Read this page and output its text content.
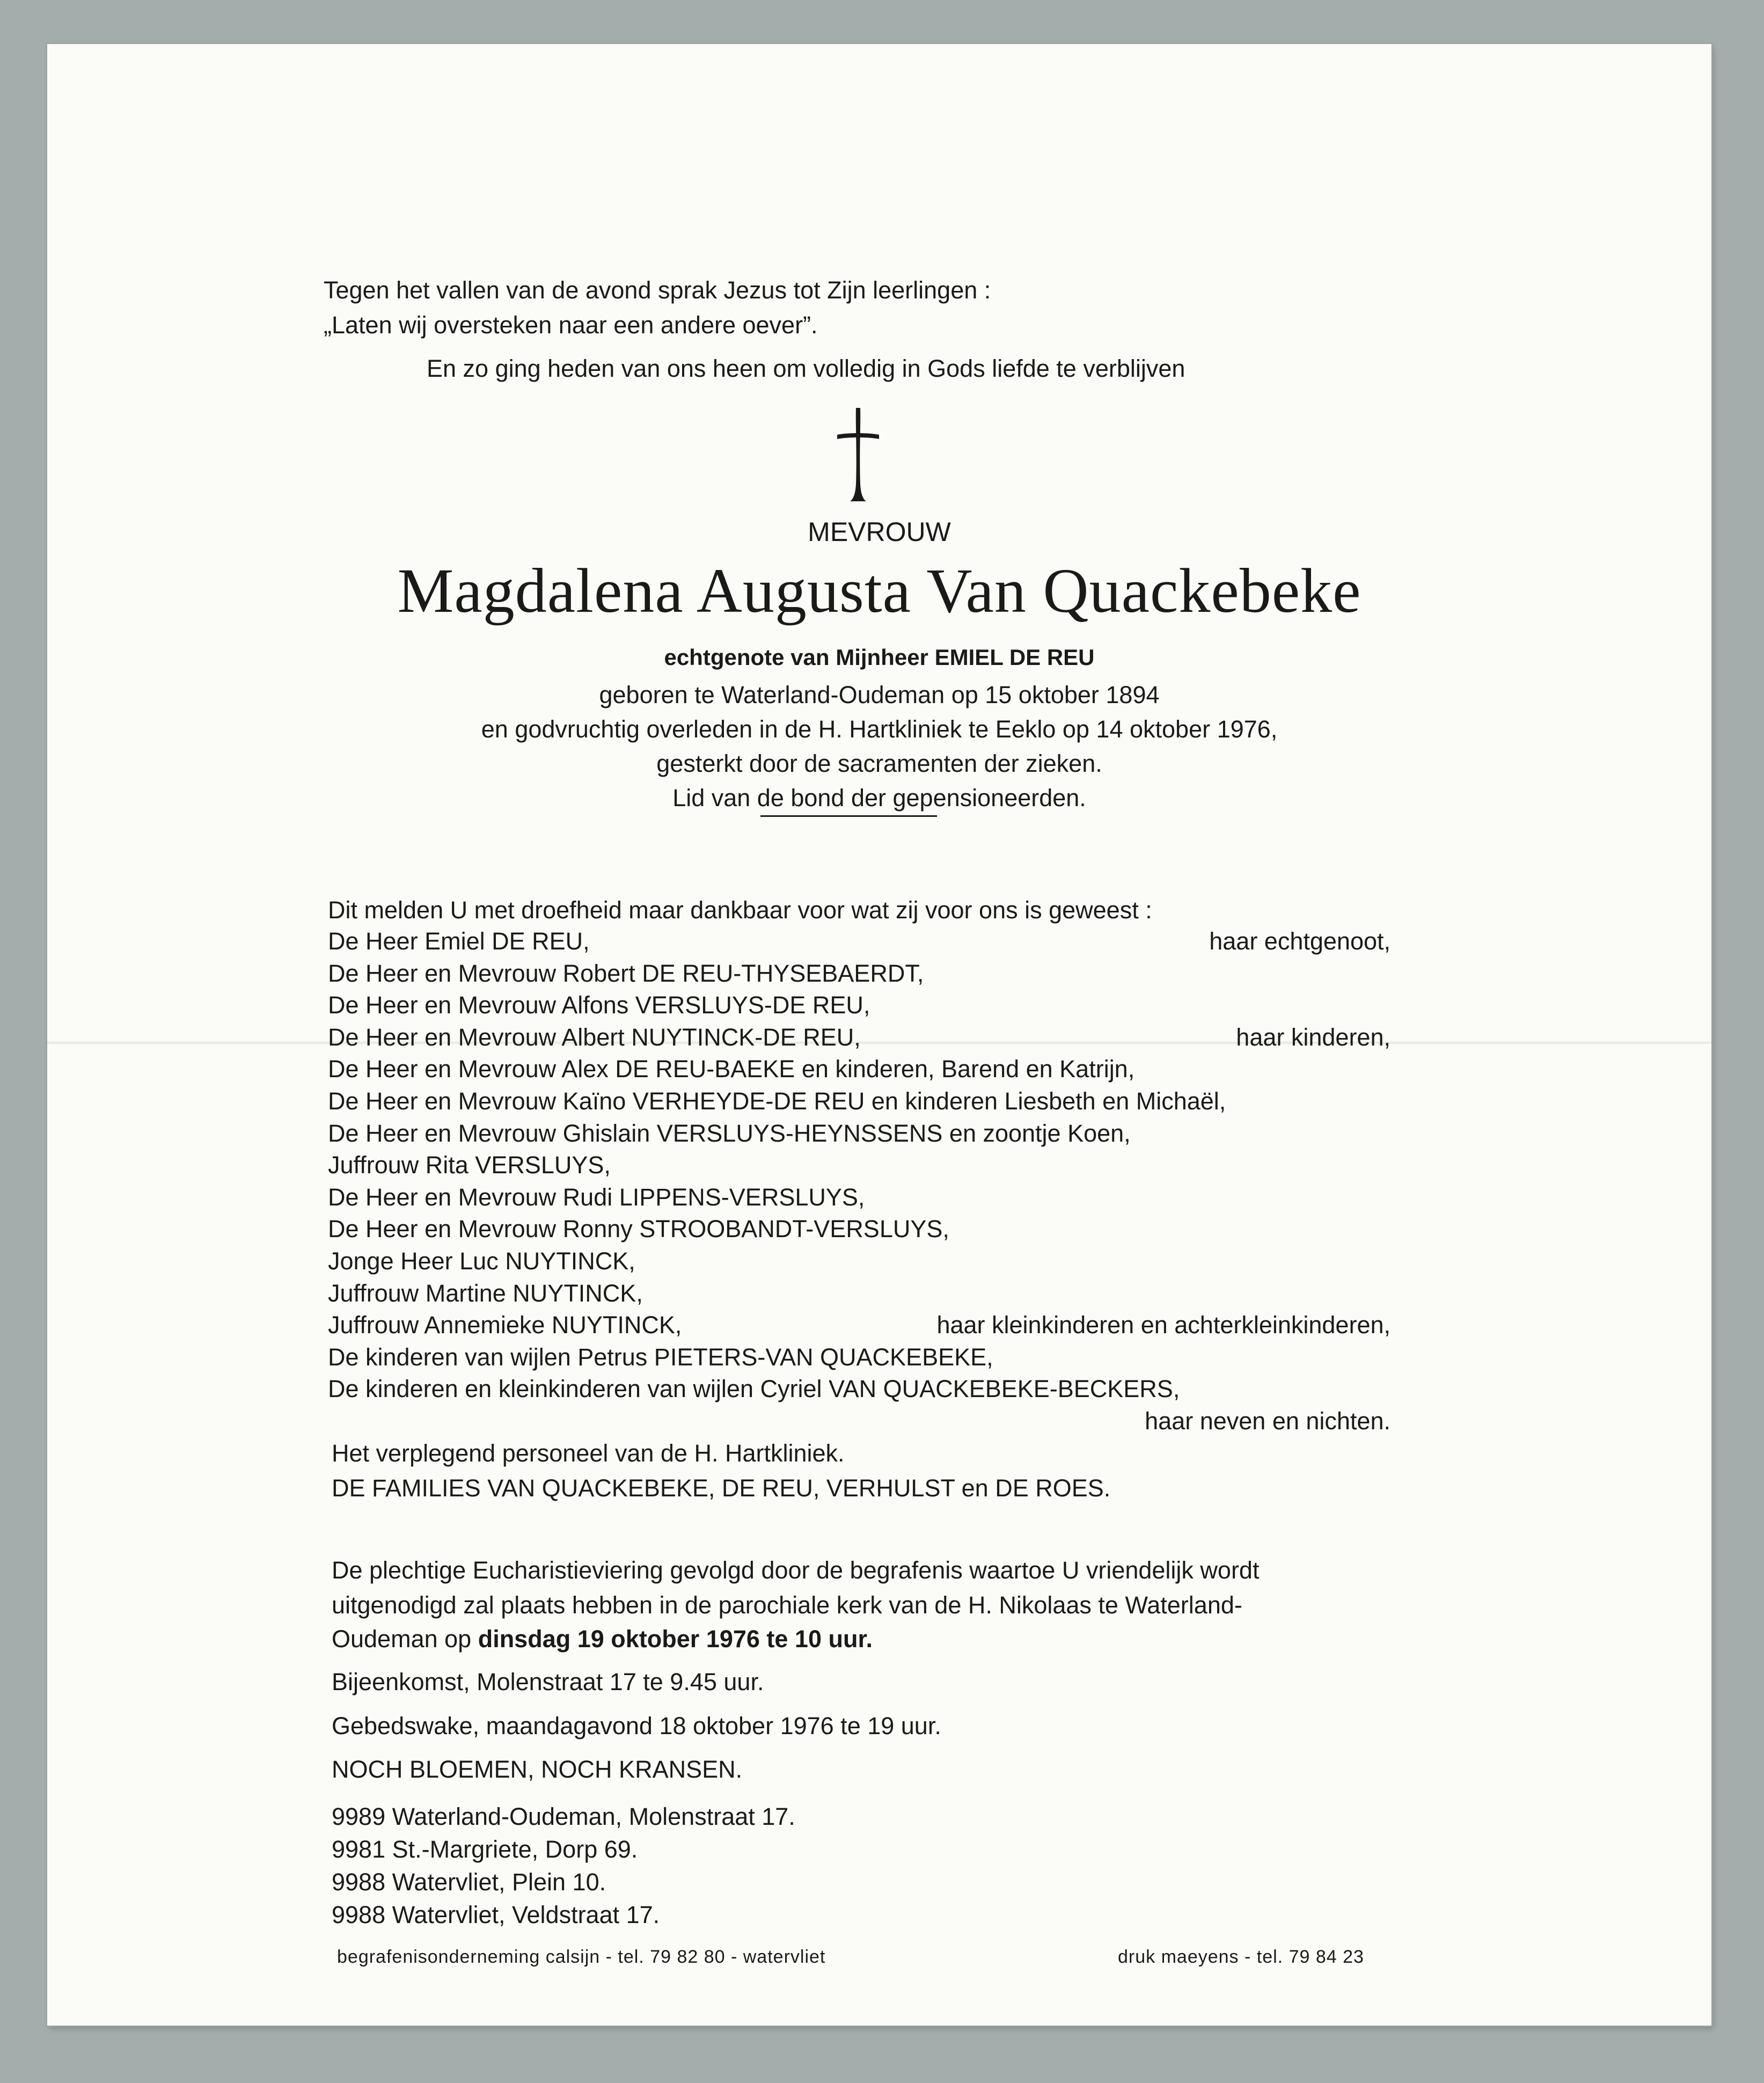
Tegen het vallen van de avond sprak Jezus tot Zijn leerlingen :
„Laten wij oversteken naar een andere oever”.
En zo ging heden van ons heen om volledig in Gods liefde te verblijven
MEVROUW
Magdalena Augusta Van Quackebeke
echtgenote van Mijnheer EMIEL DE REU
geboren te Waterland-Oudeman op 15 oktober 1894
en godvruchtig overleden in de H. Hartkliniek te Eeklo op 14 oktober 1976,
gesterkt door de sacramenten der zieken.
Lid van de bond der gepensioneerden.
Dit melden U met droefheid maar dankbaar voor wat zij voor ons is geweest :
De Heer Emiel DE REU,	haar echtgenoot,
De Heer en Mevrouw Robert DE REU-THYSEBAERDT,
De Heer en Mevrouw Alfons VERSLUYS-DE REU,
De Heer en Mevrouw Albert NUYTINCK-DE REU,	haar kinderen,
De Heer en Mevrouw Alex DE REU-BAEKE en kinderen, Barend en Katrijn,
De Heer en Mevrouw Kaïno VERHEYDE-DE REU en kinderen Liesbeth en Michaël,
De Heer en Mevrouw Ghislain VERSLUYS-HEYNSSENS en zoontje Koen,
Juffrouw Rita VERSLUYS,
De Heer en Mevrouw Rudi LIPPENS-VERSLUYS,
De Heer en Mevrouw Ronny STROOBANDT-VERSLUYS,
Jonge Heer Luc NUYTINCK,
Juffrouw Martine NUYTINCK,
Juffrouw Annemieke NUYTINCK,	haar kleinkinderen en achterkleinkinderen,
De kinderen van wijlen Petrus PIETERS-VAN QUACKEBEKE,
De kinderen en kleinkinderen van wijlen Cyriel VAN QUACKEBEKE-BECKERS,
haar neven en nichten.
Het verplegend personeel van de H. Hartkliniek.
DE FAMILIES VAN QUACKEBEKE, DE REU, VERHULST en DE ROES.
De plechtige Eucharistieviering gevolgd door de begrafenis waartoe U vriendelijk wordt
uitgenodigd zal plaats hebben in de parochiale kerk van de H. Nikolaas te Waterland-
Oudeman op dinsdag 19 oktober 1976 te 10 uur.
Bijeenkomst, Molenstraat 17 te 9.45 uur.
Gebedswake, maandagavond 18 oktober 1976 te 19 uur.
NOCH BLOEMEN, NOCH KRANSEN.
9989 Waterland-Oudeman, Molenstraat 17.
9981 St.-Margriete, Dorp 69.
9988 Watervliet, Plein 10.
9988 Watervliet, Veldstraat 17.
begrafenisonderneming calsijn - tel. 79 82 80 - watervliet	druk maeyens - tel. 79 84 23
